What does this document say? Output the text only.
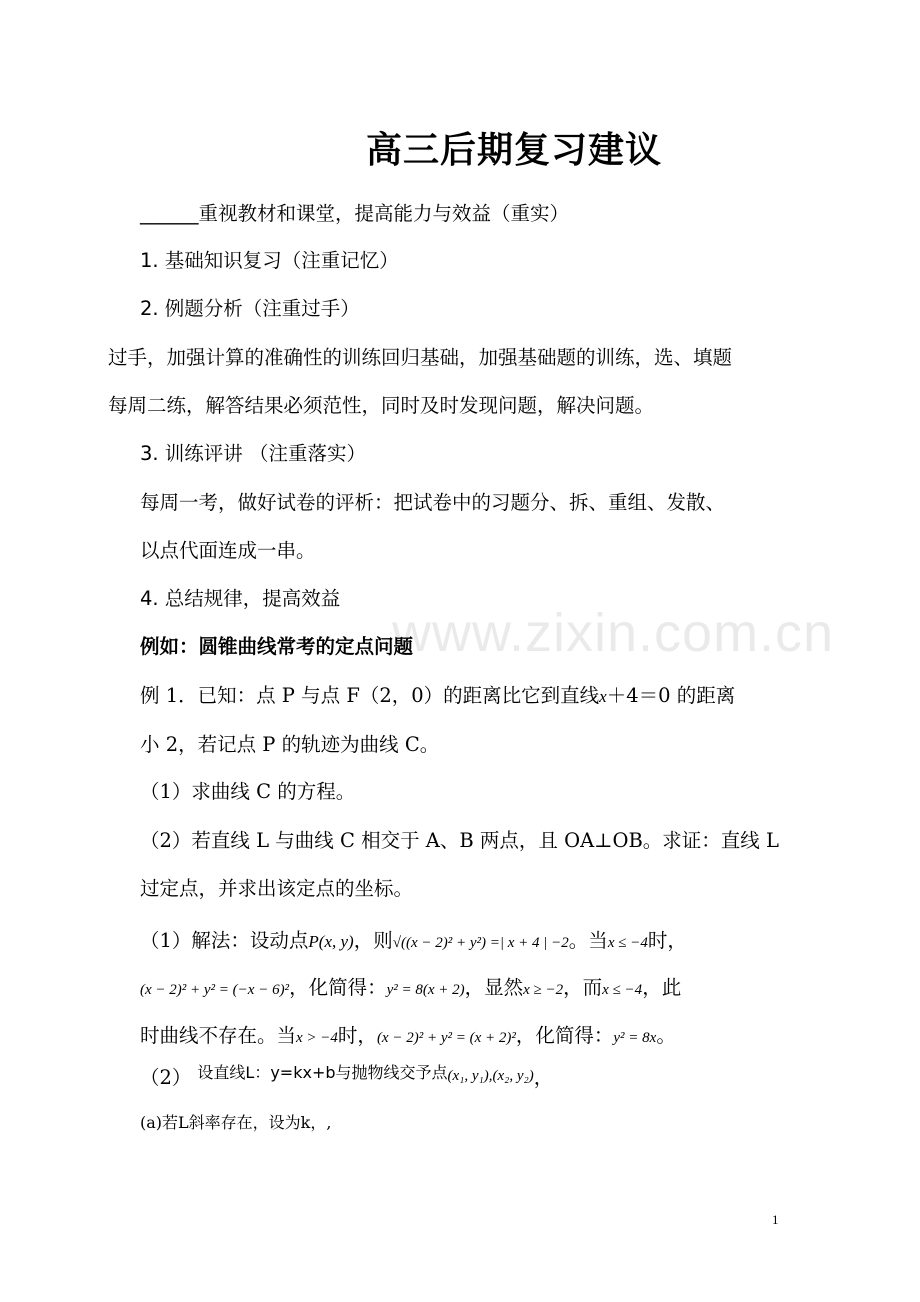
高三后期复习建议
______重视教材和课堂，提高能力与效益（重实）
1. 基础知识复习（注重记忆）
2. 例题分析（注重过手）
过手，加强计算的准确性的训练回归基础，加强基础题的训练，选、填题
每周二练，解答结果必须范性，同时及时发现问题，解决问题。
3. 训练评讲 （注重落实）
每周一考，做好试卷的评析：把试卷中的习题分、拆、重组、发散、
以点代面连成一串。
4. 总结规律，提高效益
例如：圆锥曲线常考的定点问题
www.zixin.com.cn
例 1．已知：点 P 与点 F（2，0）的距离比它到直线x＋4＝0 的距离
小 2，若记点 P 的轨迹为曲线 C。
（1）求曲线 C 的方程。
（2）若直线 L 与曲线 C 相交于 A、B 两点，且 OA⊥OB。求证：直线 L
过定点，并求出该定点的坐标。
（1）解法：设动点P(x, y)，则√((x − 2)² + y²) =| x + 4 | −2。当x ≤ −4时，
(x − 2)² + y² = (−x − 6)²，化简得：y² = 8(x + 2)，显然x ≥ −2，而x ≤ −4，此
时曲线不存在。当x > −4时，(x − 2)² + y² = (x + 2)²，化简得：y² = 8x。
（2） 设直线L：y=kx+b与抛物线交予点(x₁, y₁),(x₂, y₂)，
(a)若L斜率存在，设为k，,
1
